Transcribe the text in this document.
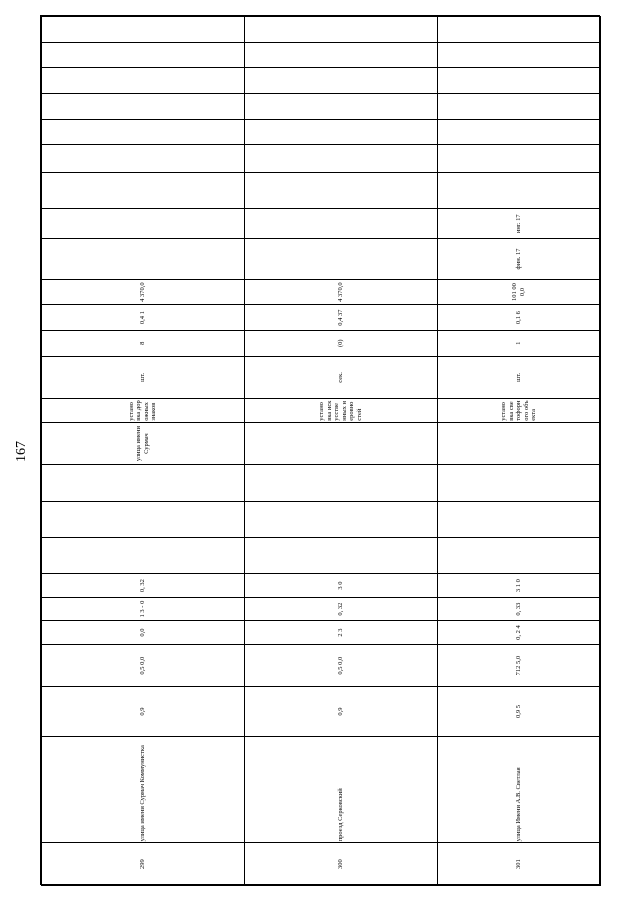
167
299	улица имени Сурмач Коммунистка	0,9	0,5 0,0	0,0	1 3 - 0	0, 32				улица имени Сурмач	установка дорожных знаков	шт.	8	0,4 1	4 370,0									
300	проезд Серковский	0,9	0,5 0,0	2 3	0, 32	3 0					установка искусственных неровностей	сек.	(0)	0,4 37	4 370,0									
301	улица Имени А.В. Светлая	0,9 5	712 5,0	0, 2 4	0, 33	3 1 0					установка светофорного объекта	шт.	1	0,1 6	101 000,0	фин. 17	инг. 17							
